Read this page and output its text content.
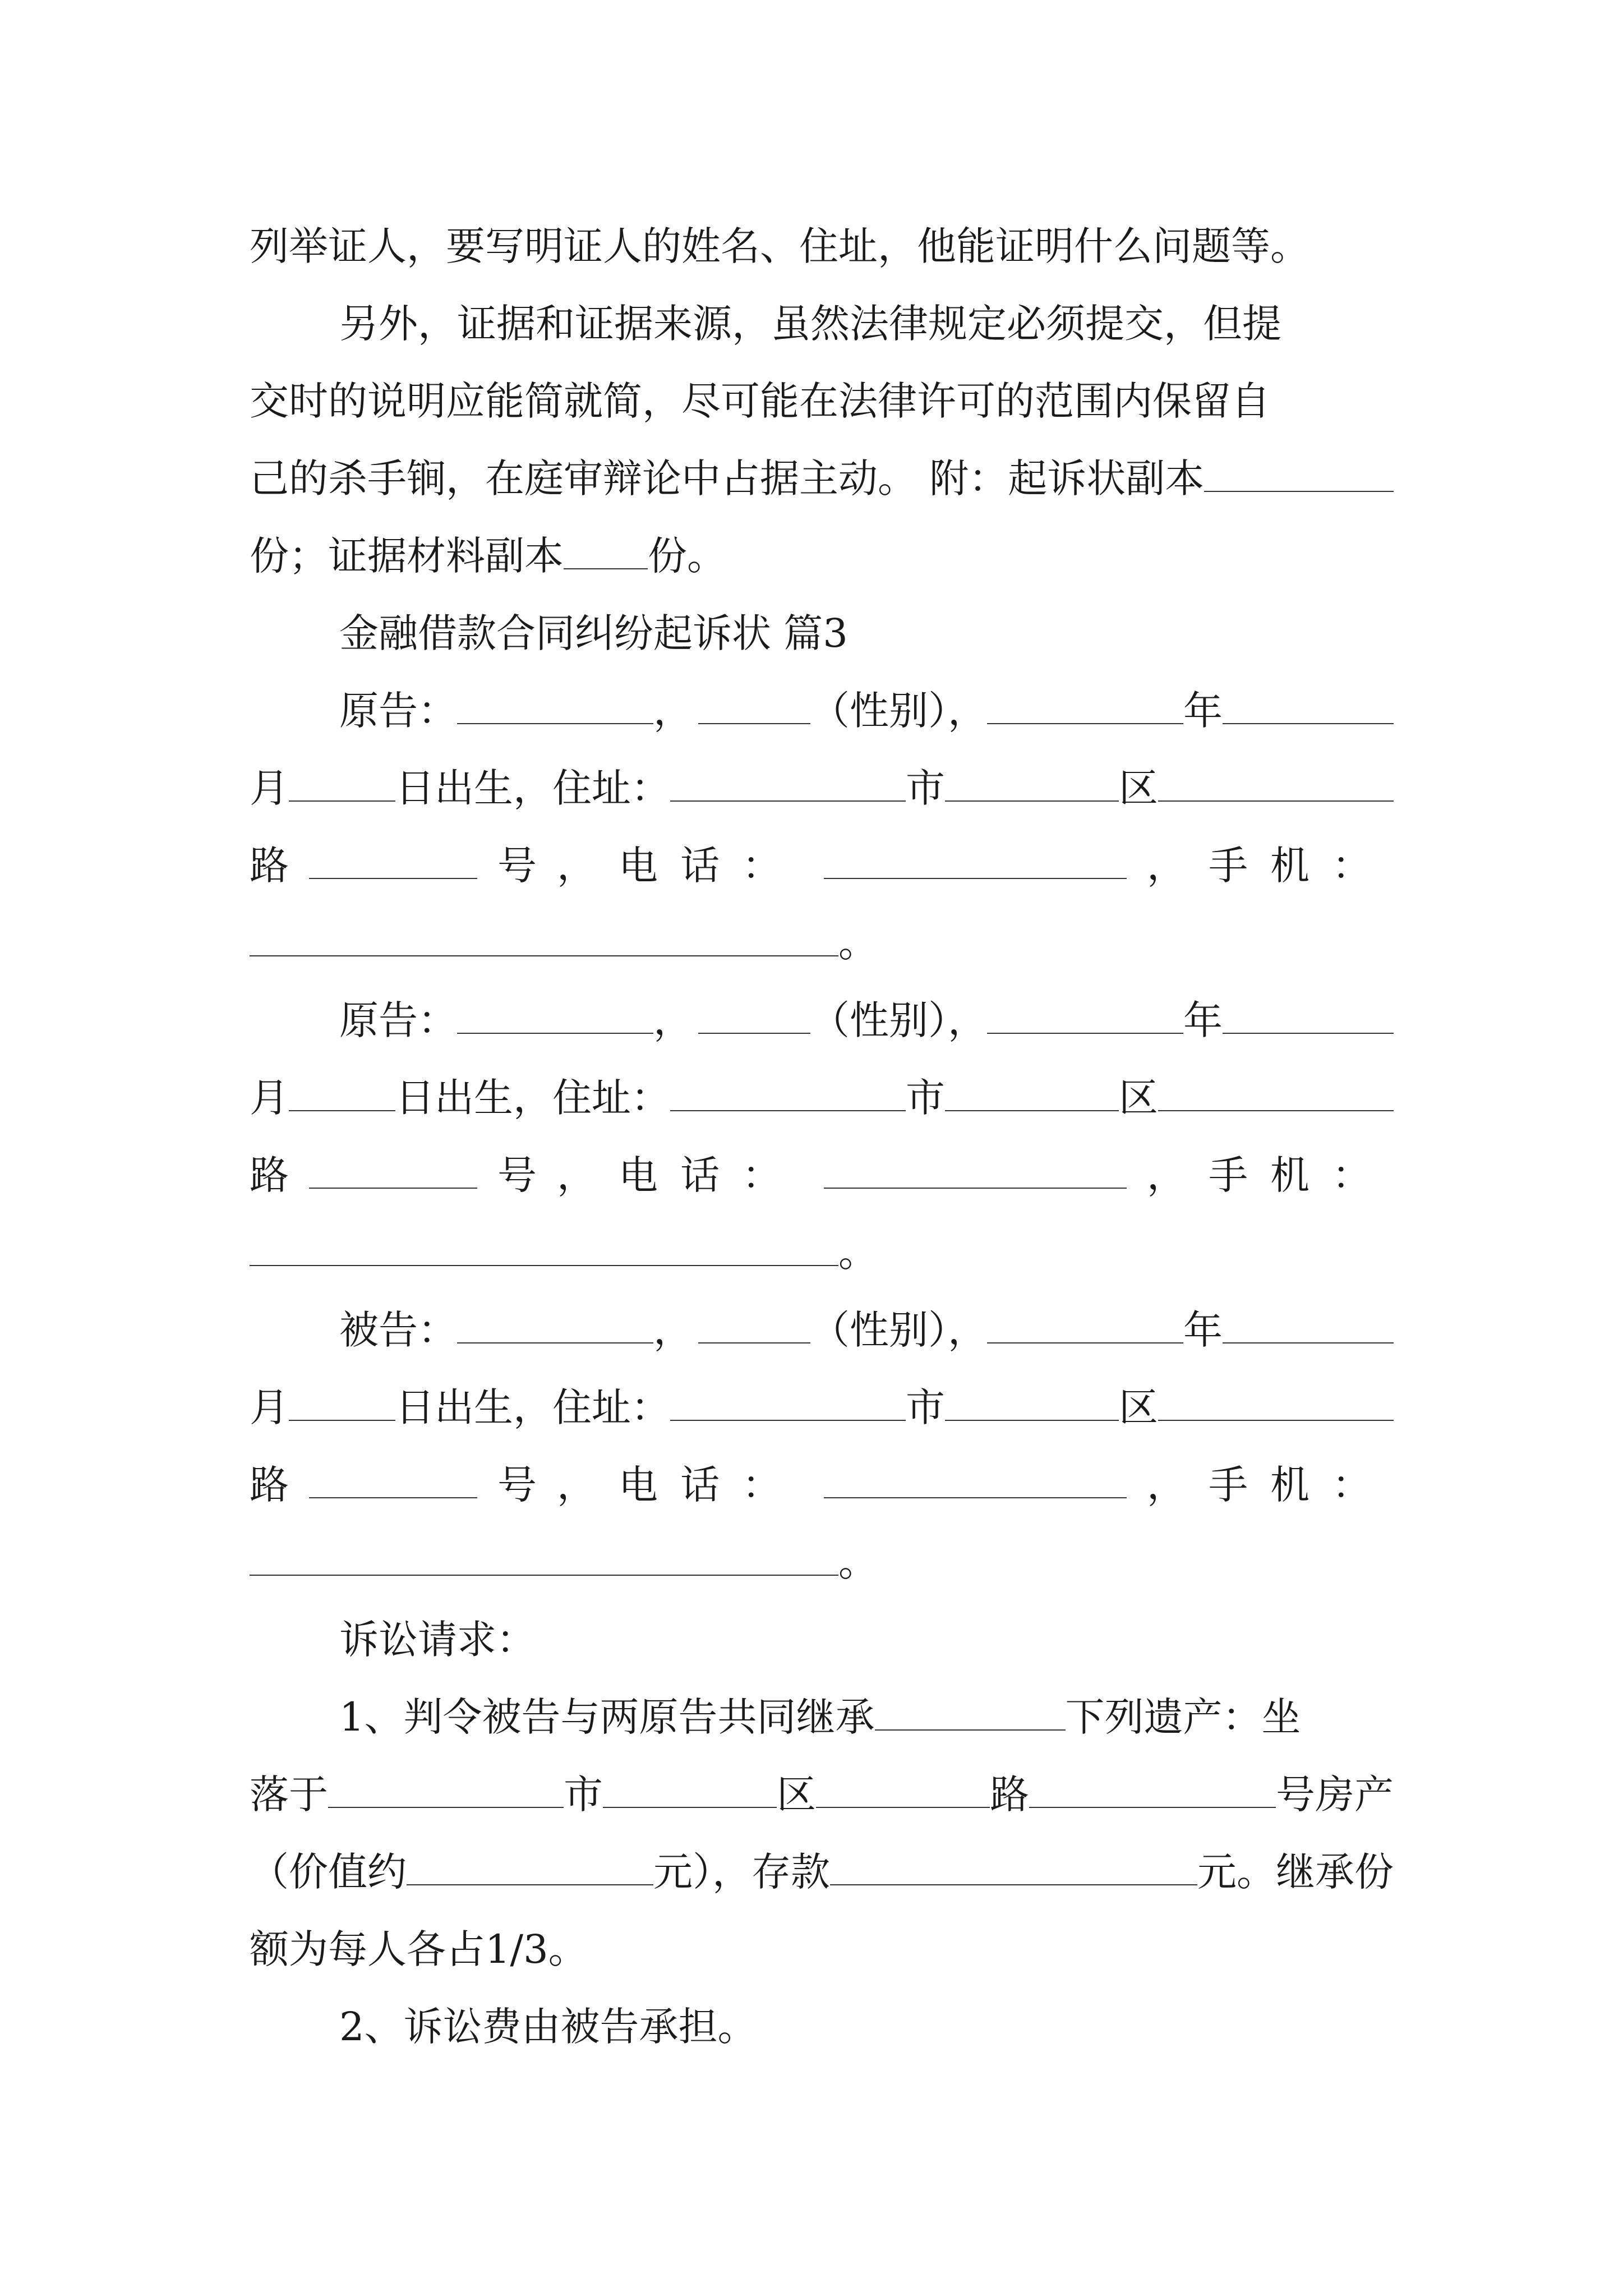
列举证人，要写明证人的姓名、住址，他能证明什么问题等。
另外，证据和证据来源，虽然法律规定必须提交，但提
交时的说明应能简就简，尽可能在法律许可的范围内保留自
己的杀手锏，在庭审辩论中占据主动。 附：起诉状副本
份；证据材料副本 份。
金融借款合同纠纷起诉状 篇3
原告：	，	（性别），	年
月	日出生，住址：	市	区
路	号 ，电话：	，手机：
。
原告：	，	（性别），	年
月	日出生，住址：	市	区
路	号 ，电话：	，手机：
。
被告：	，	（性别），	年
月	日出生，住址：	市	区
路	号 ，电话：	，手机：
。
诉讼请求：
1、判令被告与两原告共同继承	下列遗产：坐
落于	市	区	路	号房产
（价值约	元），存款	元。继承份
额为每人各占1/3。
2、诉讼费由被告承担。
